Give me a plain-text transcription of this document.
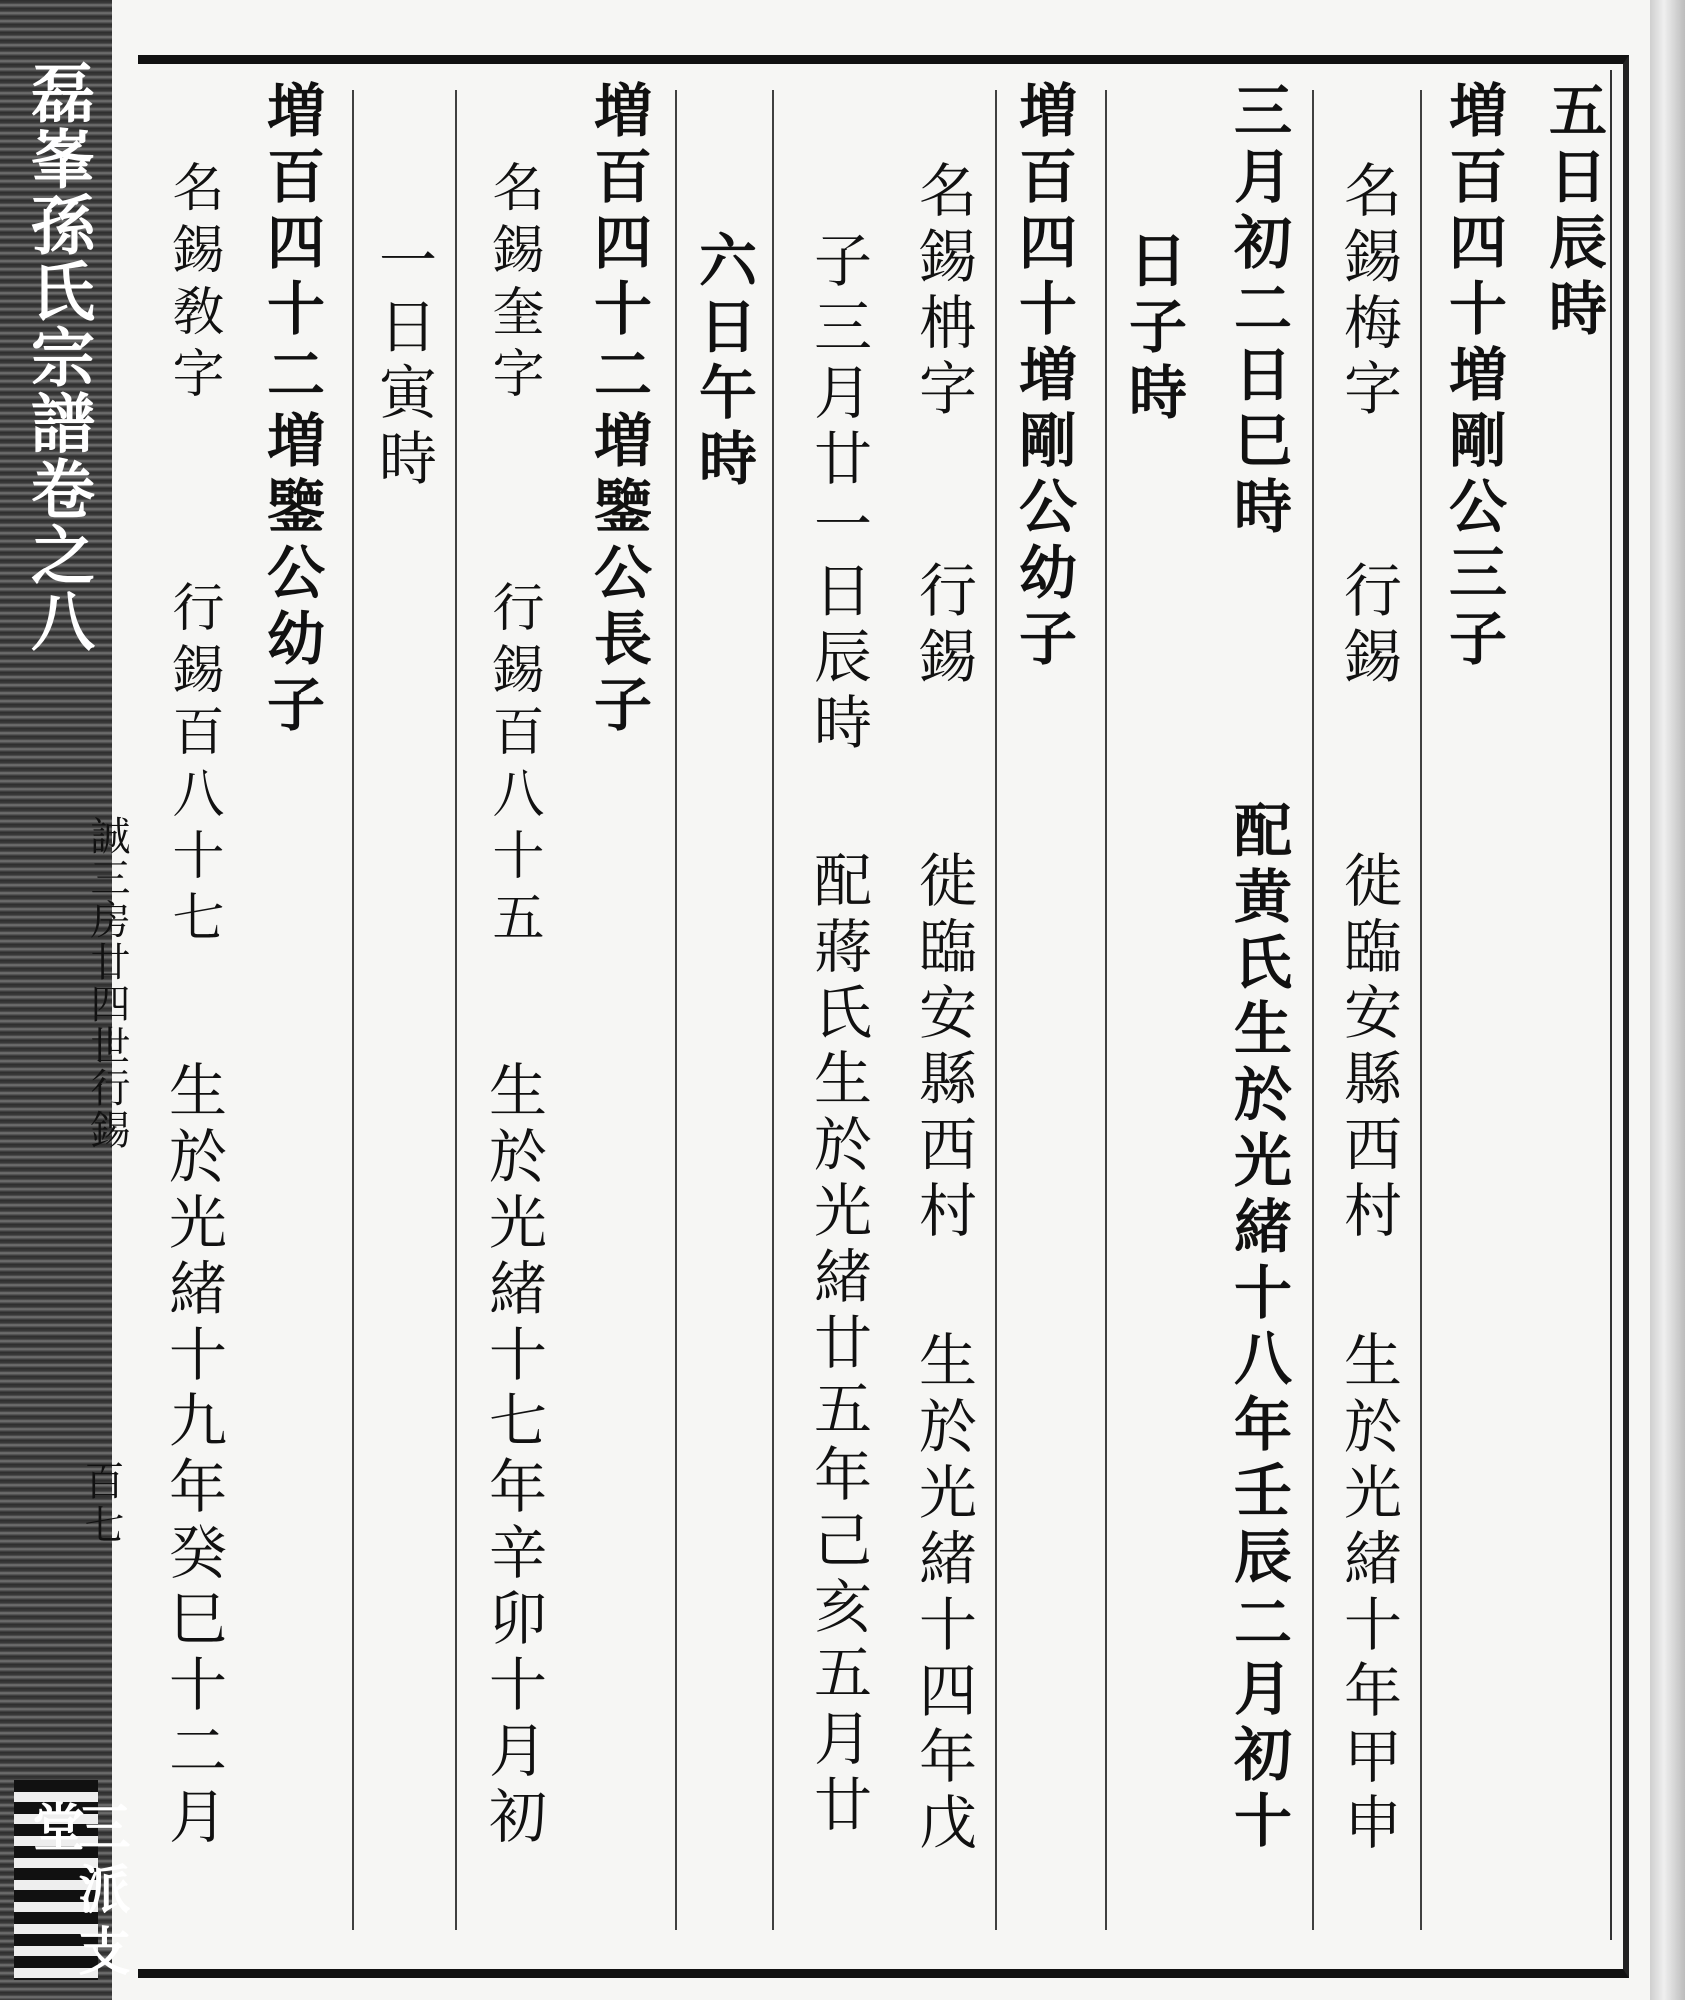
磊峯孫氏宗譜卷之八
誠三房廿四世行錫
百七
五日辰時
増百四十増剛公三子
名錫梅字
行錫
徙臨安縣西村
生於光緒十年甲申
三月初二日巳時
配黄氏生於光緒十八年壬辰二月初十
日子時
増百四十増剛公幼子
名錫柟字
行錫
徙臨安縣西村
生於光緒十四年戊
子三月廿一日辰時
配蔣氏生於光緒廿五年己亥五月廿
六日午時
増百四十二増鑒公長子
名錫奎字
行錫百八十五
生於光緒十七年辛卯十月初
一日寅時
増百四十二増鑒公幼子
名錫敎字
行錫百八十七
生於光緒十九年癸巳十二月
三派支堂
